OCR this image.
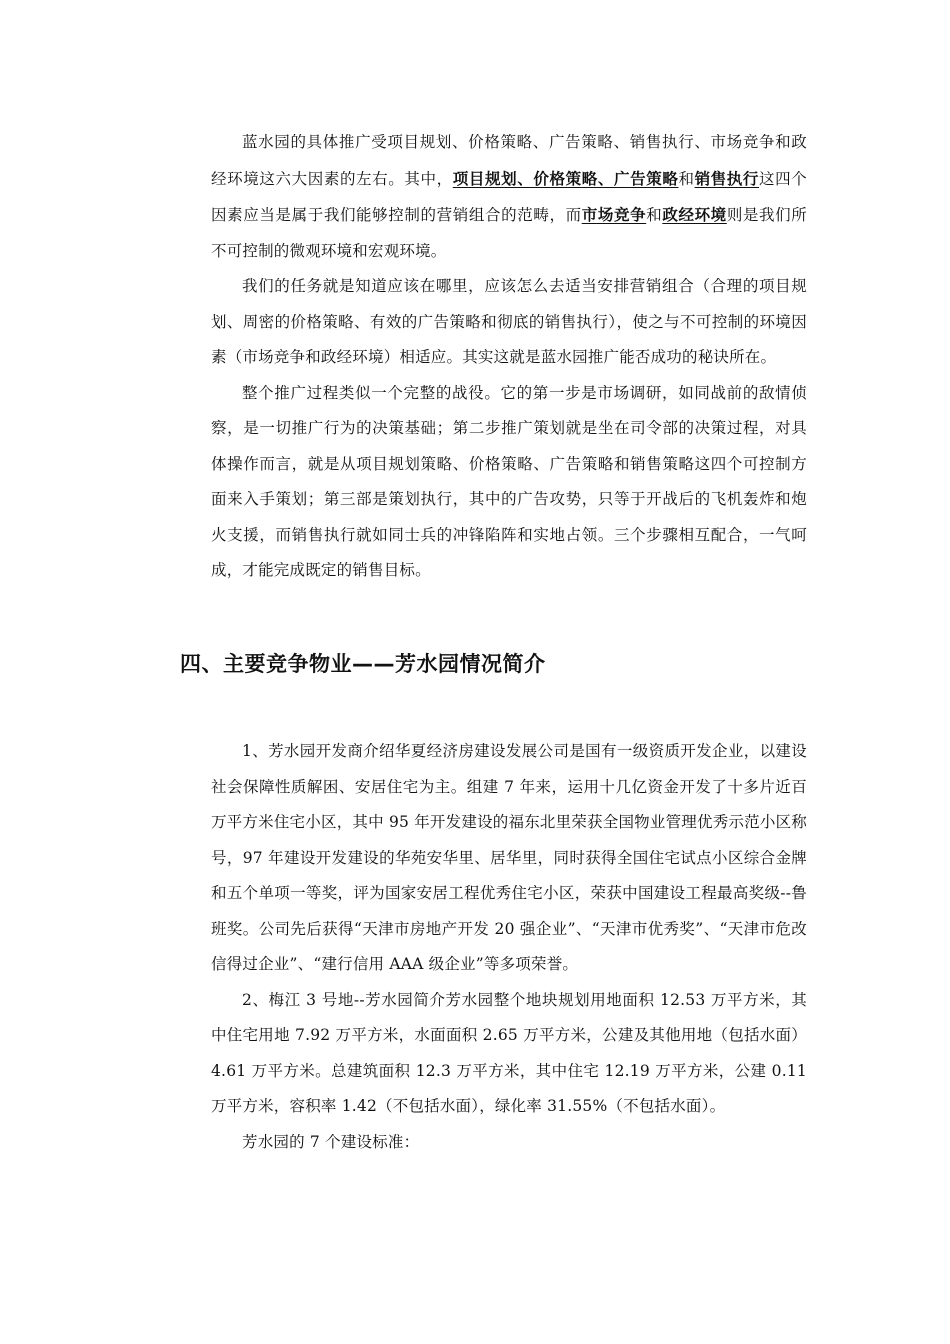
蓝水园的具体推广受项目规划、价格策略、广告策略、销售执行、市场竞争和政经环境这六大因素的左右。其中，项目规划、价格策略、广告策略和销售执行这四个因素应当是属于我们能够控制的营销组合的范畴，而市场竞争和政经环境则是我们所不可控制的微观环境和宏观环境。

我们的任务就是知道应该在哪里，应该怎么去适当安排营销组合（合理的项目规划、周密的价格策略、有效的广告策略和彻底的销售执行），使之与不可控制的环境因素（市场竞争和政经环境）相适应。其实这就是蓝水园推广能否成功的秘诀所在。

整个推广过程类似一个完整的战役。它的第一步是市场调研，如同战前的敌情侦察，是一切推广行为的决策基础；第二步推广策划就是坐在司令部的决策过程，对具体操作而言，就是从项目规划策略、价格策略、广告策略和销售策略这四个可控制方面来入手策划；第三部是策划执行，其中的广告攻势，只等于开战后的飞机轰炸和炮火支援，而销售执行就如同士兵的冲锋陷阵和实地占领。三个步骤相互配合，一气呵成，才能完成既定的销售目标。

四、主要竞争物业——芳水园情况简介

1、芳水园开发商介绍华夏经济房建设发展公司是国有一级资质开发企业，以建设社会保障性质解困、安居住宅为主。组建 7 年来，运用十几亿资金开发了十多片近百万平方米住宅小区，其中 95 年开发建设的福东北里荣获全国物业管理优秀示范小区称号，97 年建设开发建设的华苑安华里、居华里，同时获得全国住宅试点小区综合金牌和五个单项一等奖，评为国家安居工程优秀住宅小区，荣获中国建设工程最高奖级--鲁班奖。公司先后获得“天津市房地产开发 20 强企业”、“天津市优秀奖”、“天津市危改信得过企业”、“建行信用 AAA 级企业”等多项荣誉。

2、梅江 3 号地--芳水园简介芳水园整个地块规划用地面积 12.53 万平方米，其中住宅用地 7.92 万平方米，水面面积 2.65 万平方米，公建及其他用地（包括水面）4.61 万平方米。总建筑面积 12.3 万平方米，其中住宅 12.19 万平方米，公建 0.11 万平方米，容积率 1.42（不包括水面），绿化率 31.55%（不包括水面）。

芳水园的 7 个建设标准：
